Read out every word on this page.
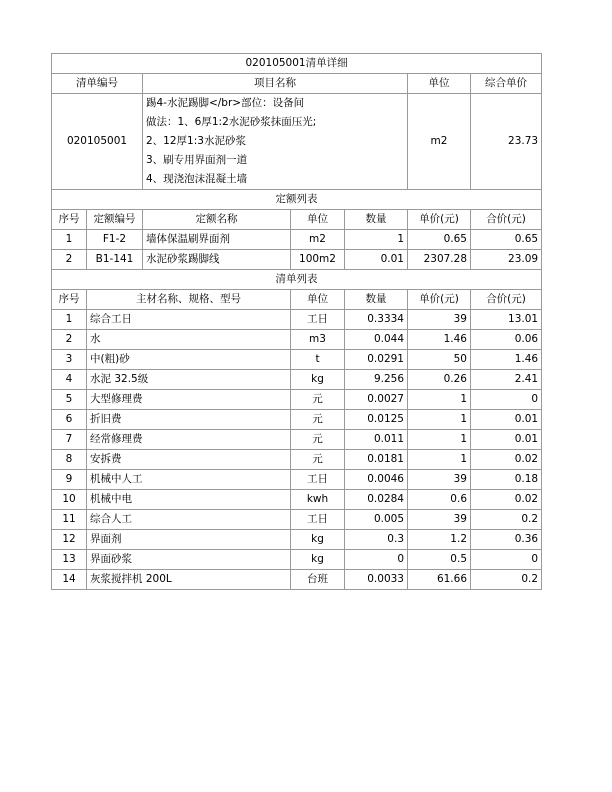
020105001清单详细						
清单编号		项目名称			单位	综合单价
020105001		踢4-水泥踢脚</br>部位：设备间
做法：1、6厚1:2水泥砂浆抹面压光;
2、12厚1:3水泥砂浆
3、刷专用界面剂一道
4、现浇泡沫混凝土墙			m2	23.73
定额列表						
序号	定额编号	定额名称	单位	数量	单价(元)	合价(元)
1	F1-2	墙体保温刷界面剂	m2	1	0.65	0.65
2	B1-141	水泥砂浆踢脚线	100m2	0.01	2307.28	23.09
清单列表						
序号	主材名称、规格、型号		单位	数量	单价(元)	合价(元)
1	综合工日		工日	0.3334	39	13.01
2	水		m3	0.044	1.46	0.06
3	中(粗)砂		t	0.0291	50	1.46
4	水泥 32.5级		kg	9.256	0.26	2.41
5	大型修理费		元	0.0027	1	0
6	折旧费		元	0.0125	1	0.01
7	经常修理费		元	0.011	1	0.01
8	安拆费		元	0.0181	1	0.02
9	机械中人工		工日	0.0046	39	0.18
10	机械中电		kwh	0.0284	0.6	0.02
11	综合人工		工日	0.005	39	0.2
12	界面剂		kg	0.3	1.2	0.36
13	界面砂浆		kg	0	0.5	0
14	灰浆搅拌机 200L		台班	0.0033	61.66	0.2
